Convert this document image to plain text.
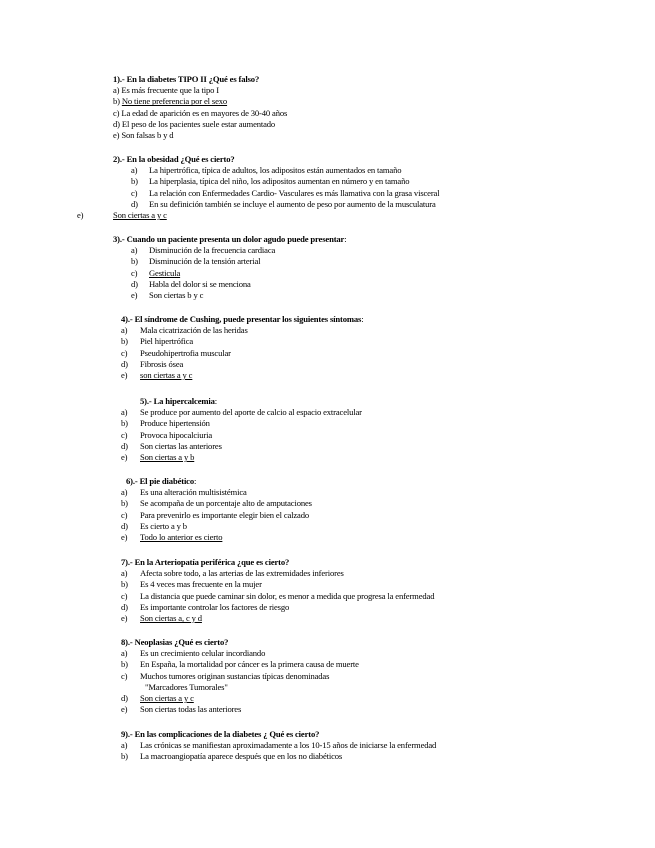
1).- En la diabetes TIPO II ¿Qué es falso?
a) Es más frecuente que la tipo I
b) No tiene preferencia por el sexo
c) La edad de aparición es en mayores de 30-40 años
d) El peso de los pacientes suele estar aumentado
e) Son falsas b y d
2).- En la obesidad ¿Qué es cierto?
a) La hipertrófica, típica de adultos, los adipositos están aumentados en tamaño
b) La hiperplasia, típica del niño, los adipositos aumentan en número y en tamaño
c) La relación con Enfermedades Cardio- Vasculares es más llamativa con la grasa visceral
d) En su definición también se incluye el aumento de peso por aumento de la musculatura
e)	Son ciertas a y c
3).- Cuando un paciente presenta un dolor agudo puede presentar:
a) Disminución de la frecuencia cardiaca
b) Disminución de la tensión arterial
c) Gesticula
d) Habla del dolor si se menciona
e) Son ciertas b y c
4).- El síndrome de Cushing, puede presentar los siguientes síntomas:
a) Mala cicatrización de las heridas
b) Piel hipertrófica
c) Pseudohipertrofia muscular
d) Fibrosis ósea
e) son ciertas a y c
5).- La hipercalcemia:
a) Se produce por aumento del aporte de calcio al espacio extracelular
b) Produce hipertensión
c) Provoca hipocalciuria
d) Son ciertas las anteriores
e) Son ciertas a y b
6).- El pie diabético:
a) Es una alteración multisistémica
b) Se acompaña de un porcentaje alto de amputaciones
c) Para prevenirlo es importante elegir bien el calzado
d) Es cierto a y b
e) Todo lo anterior es cierto
7).- En la Arteriopatía periférica ¿que es cierto?
a) Afecta sobre todo, a las arterias de las extremidades inferiores
b) Es 4 veces mas frecuente en la mujer
c) La distancia que puede caminar sin dolor, es menor a medida que progresa la enfermedad
d) Es importante controlar los factores de riesgo
e) Son ciertas a, c y d
8).- Neoplasias ¿Qué es cierto?
a) Es un crecimiento celular incordiando
b) En España, la mortalidad por cáncer es la primera causa de muerte
c) Muchos tumores originan sustancias típicas denominadas
"Marcadores Tumorales"
d) Son ciertas a y c
e) Son ciertas todas las anteriores
9).- En las complicaciones de la diabetes ¿ Qué es cierto?
a) Las crónicas se manifiestan aproximadamente a los 10-15 años de iniciarse la enfermedad
b) La macroangiopatía aparece después que en los no diabéticos
